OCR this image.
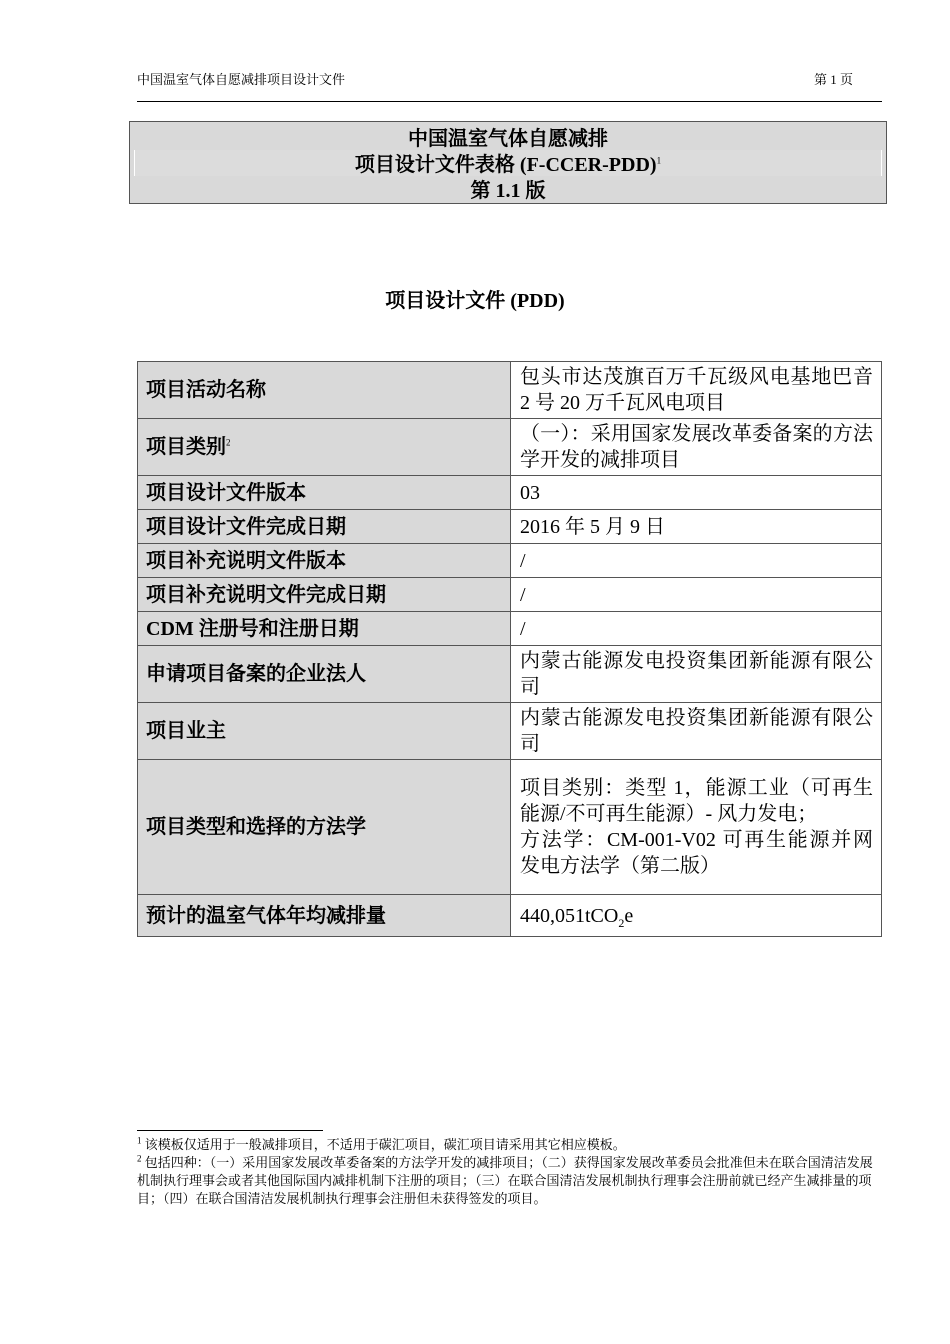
中国温室气体自愿减排项目设计文件	第 1 页
中国温室气体自愿减排
项目设计文件表格 (F-CCER-PDD)$^1$
第 1.1 版
项目设计文件 (PDD)
项目活动名称	包头市达茂旗百万千瓦级风电基地巴音 2 号 20 万千瓦风电项目
项目类别$^2$	（一）：采用国家发展改革委备案的方法学开发的减排项目
项目设计文件版本	03
项目设计文件完成日期	2016 年 5 月 9 日
项目补充说明文件版本	/
项目补充说明文件完成日期	/
CDM 注册号和注册日期	/
申请项目备案的企业法人	内蒙古能源发电投资集团新能源有限公司
项目业主	内蒙古能源发电投资集团新能源有限公司
项目类型和选择的方法学	项目类别：类型 1，能源工业（可再生能源/不可再生能源）- 风力发电；
方法学：CM-001-V02 可再生能源并网发电方法学（第二版）

预计的温室气体年均减排量	440,051tCO$_2$e

$^1$ 该模板仅适用于一般减排项目，不适用于碳汇项目，碳汇项目请采用其它相应模板。

$^2$ 包括四种：（一）采用国家发展改革委备案的方法学开发的减排项目；（二）获得国家发展改革委员会批准但未在联合国清洁发展机制执行理事会或者其他国际国内减排机制下注册的项目；（三）在联合国清洁发展机制执行理事会注册前就已经产生减排量的项目；（四）在联合国清洁发展机制执行理事会注册但未获得签发的项目。
